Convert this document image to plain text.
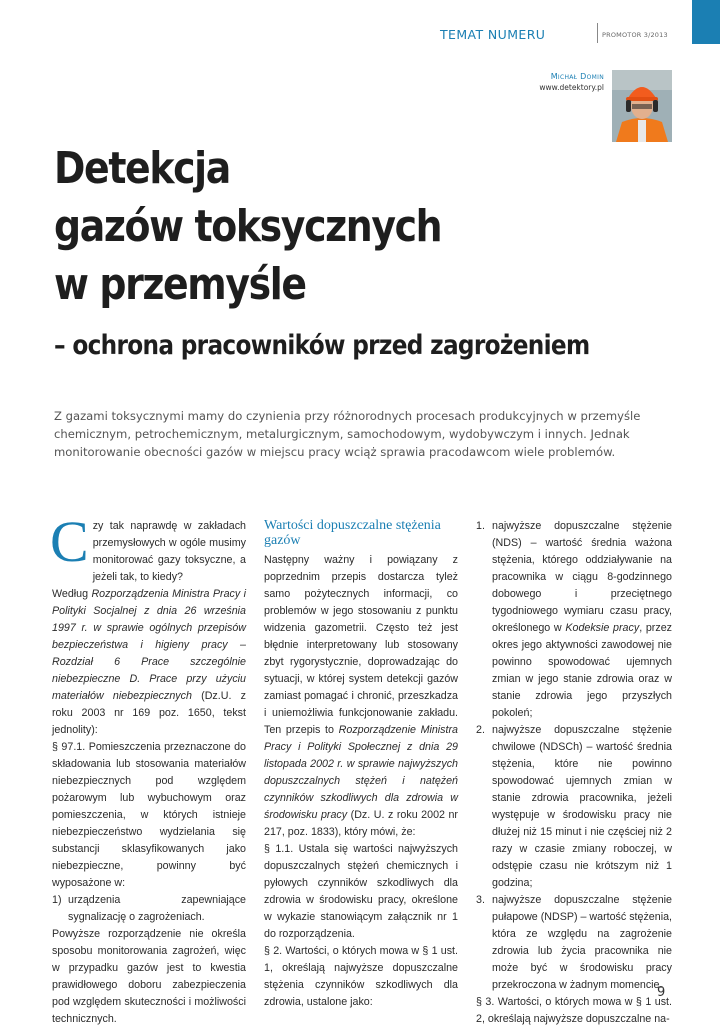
TEMAT NUMERU	PROMOTOR 3/2013
Michał Domin
www.detektory.pl
Detekcja
gazów toksycznych
w przemyśle
– ochrona pracowników przed zagrożeniem
Z gazami toksycznymi mamy do czynienia przy różnorodnych procesach produkcyjnych w przemyśle chemicznym, petrochemicznym, metalurgicznym, samochodowym, wydobywczym i innych. Jednak monitorowanie obecności gazów w miejscu pracy wciąż sprawia pracodawcom wiele problemów.

Czy tak naprawdę w zakładach przemysłowych w ogóle musimy monitorować gazy toksyczne, a jeżeli tak, to kiedy?

Według Rozporządzenia Ministra Pracy i Polityki Socjalnej z dnia 26 września 1997 r. w sprawie ogólnych przepisów bezpieczeństwa i higieny pracy – Rozdział 6 Prace szczególnie niebezpieczne D. Prace przy użyciu materiałów niebezpiecznych (Dz.U. z roku 2003 nr 169 poz. 1650, tekst jednolity):

§ 97.1. Pomieszczenia przeznaczone do składowania lub stosowania materiałów niebezpiecznych pod względem pożarowym lub wybuchowym oraz pomieszczenia, w których istnieje niebezpieczeństwo wydzielania się substancji sklasyfikowanych jako niebezpieczne, powinny być wyposażone w:

1) urządzenia zapewniające sygnalizację o zagrożeniach.

Powyższe rozporządzenie nie określa sposobu monitorowania zagrożeń, więc w przypadku gazów jest to kwestia prawidłowego doboru zabezpieczenia pod względem skuteczności i możliwości technicznych.

Wartości dopuszczalne stężenia gazów

Następny ważny i powiązany z poprzednim przepis dostarcza tyleż samo pożytecznych informacji, co problemów w jego stosowaniu z punktu widzenia gazometrii. Często też jest błędnie interpretowany lub stosowany zbyt rygorystycznie, doprowadzając do sytuacji, w której system detekcji gazów zamiast pomagać i chronić, przeszkadza i uniemożliwia funkcjonowanie zakładu. Ten przepis to Rozporządzenie Ministra Pracy i Polityki Społecznej z dnia 29 listopada 2002 r. w sprawie najwyższych dopuszczalnych stężeń i natężeń czynników szkodliwych dla zdrowia w środowisku pracy (Dz. U. z roku 2002 nr 217, poz. 1833), który mówi, że:

§ 1.1. Ustala się wartości najwyższych dopuszczalnych stężeń chemicznych i pyłowych czynników szkodliwych dla zdrowia w środowisku pracy, określone w wykazie stanowiącym załącznik nr 1 do rozporządzenia.

§ 2. Wartości, o których mowa w § 1 ust. 1, określają najwyższe dopuszczalne stężenia czynników szkodliwych dla zdrowia, ustalone jako:

1. najwyższe dopuszczalne stężenie (NDS) – wartość średnia ważona stężenia, którego oddziaływanie na pracownika w ciągu 8-godzinnego dobowego i przeciętnego tygodniowego wymiaru czasu pracy, określonego w Kodeksie pracy, przez okres jego aktywności zawodowej nie powinno spowodować ujemnych zmian w jego stanie zdrowia oraz w stanie zdrowia jego przyszłych pokoleń;
2. najwyższe dopuszczalne stężenie chwilowe (NDSCh) – wartość średnia stężenia, które nie powinno spowodować ujemnych zmian w stanie zdrowia pracownika, jeżeli występuje w środowisku pracy nie dłużej niż 15 minut i nie częściej niż 2 razy w czasie zmiany roboczej, w odstępie czasu nie krótszym niż 1 godzina;
3. najwyższe dopuszczalne stężenie pułapowe (NDSP) – wartość stężenia, która ze względu na zagrożenie zdrowia lub życia pracownika nie może być w środowisku pracy przekroczona w żadnym momencie.

§ 3. Wartości, o których mowa w § 1 ust. 2, określają najwyższe dopuszczalne na-

9
